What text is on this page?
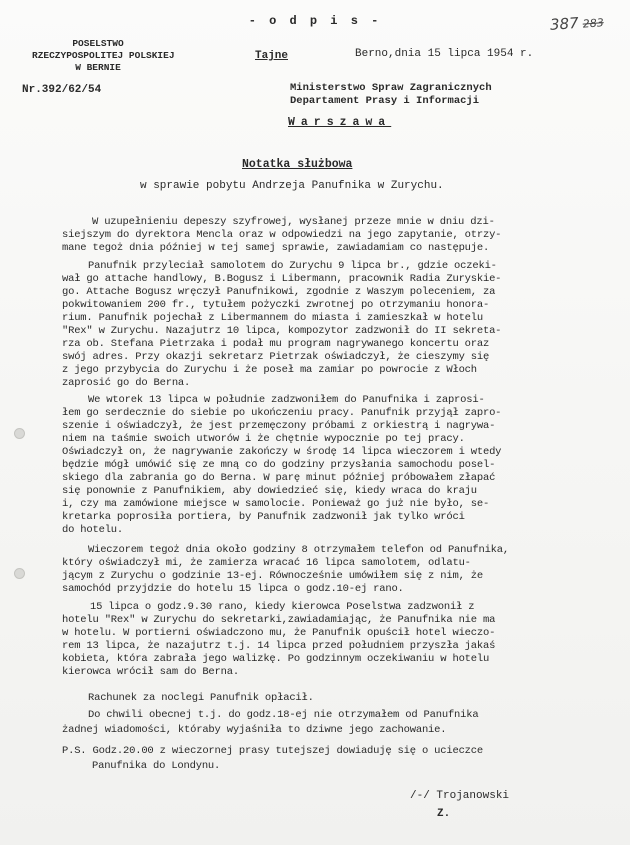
- o d p i s -	387 283
POSELSTWO
RZECZYPOSPOLITEJ POLSKIEJ
W BERNIE
Nr.392/62/54
Tajne	Berno,dnia 15 lipca 1954 r.
Ministerstwo Spraw Zagranicznych
Departament Prasy i Informacji
Warszawa
Notatka służbowa
w sprawie pobytu Andrzeja Panufnika w Zurychu.
W uzupełnieniu depeszy szyfrowej, wysłanej przeze mnie w dniu dzi-
siejszym do dyrektora Mencla oraz w odpowiedzi na jego zapytanie, otrzy-
mane tegoż dnia później w tej samej sprawie, zawiadamiam co następuje.
Panufnik przyleciał samolotem do Zurychu 9 lipca br., gdzie oczeki-
wał go attache handlowy, B.Bogusz i Libermann, pracownik Radia Zuryskie-
go. Attache Bogusz wręczył Panufnikowi, zgodnie z Waszym poleceniem, za
pokwitowaniem 200 fr., tytułem pożyczki zwrotnej po otrzymaniu honora-
rium. Panufnik pojechał z Libermannem do miasta i zamieszkał w hotelu
"Rex" w Zurychu. Nazajutrz 10 lipca, kompozytor zadzwonił do II sekreta-
rza ob. Stefana Pietrzaka i podał mu program nagrywanego koncertu oraz
swój adres. Przy okazji sekretarz Pietrzak oświadczył, że cieszymy się
z jego przybycia do Zurychu i że poseł ma zamiar po powrocie z Włoch
zaprosić go do Berna.
We wtorek 13 lipca w południe zadzwoniłem do Panufnika i zaprosi-
łem go serdecznie do siebie po ukończeniu pracy. Panufnik przyjął zapro-
szenie i oświadczył, że jest przemęczony próbami z orkiestrą i nagrywa-
niem na taśmie swoich utworów i że chętnie wypocznie po tej pracy.
Oświadczył on, że nagrywanie zakończy w środę 14 lipca wieczorem i wtedy
będzie mógł umówić się ze mną co do godziny przysłania samochodu posel-
skiego dla zabrania go do Berna. W parę minut później próbowałem złapać
się ponownie z Panufnikiem, aby dowiedzieć się, kiedy wraca do kraju
i, czy ma zamówione miejsce w samolocie. Ponieważ go już nie było, se-
kretarka poprosiła portiera, by Panufnik zadzwonił jak tylko wróci
do hotelu.
Wieczorem tegoż dnia około godziny 8 otrzymałem telefon od Panufnika,
który oświadczył mi, że zamierza wracać 16 lipca samolotem, odlatu-
jącym z Zurychu o godzinie 13-ej. Równocześnie umówiłem się z nim, że
samochód przyjdzie do hotelu 15 lipca o godz.10-ej rano.
15 lipca o godz.9.30 rano, kiedy kierowca Poselstwa zadzwonił z
hotelu "Rex" w Zurychu do sekretarki,zawiadamiając, że Panufnika nie ma
w hotelu. W portierni oświadczono mu, że Panufnik opuścił hotel wieczo-
rem 13 lipca, że nazajutrz t.j. 14 lipca przed południem przyszła jakaś
kobieta, która zabrała jego walizkę. Po godzinnym oczekiwaniu w hotelu
kierowca wrócił sam do Berna.
Rachunek za noclegi Panufnik opłacił.
Do chwili obecnej t.j. do godz.18-ej nie otrzymałem od Panufnika
żadnej wiadomości, któraby wyjaśniła to dziwne jego zachowanie.
P.S. Godz.20.00 z wieczornej prasy tutejszej dowiaduję się o ucieczce
Panufnika do Londynu.
/-/ Trojanowski
Z.
